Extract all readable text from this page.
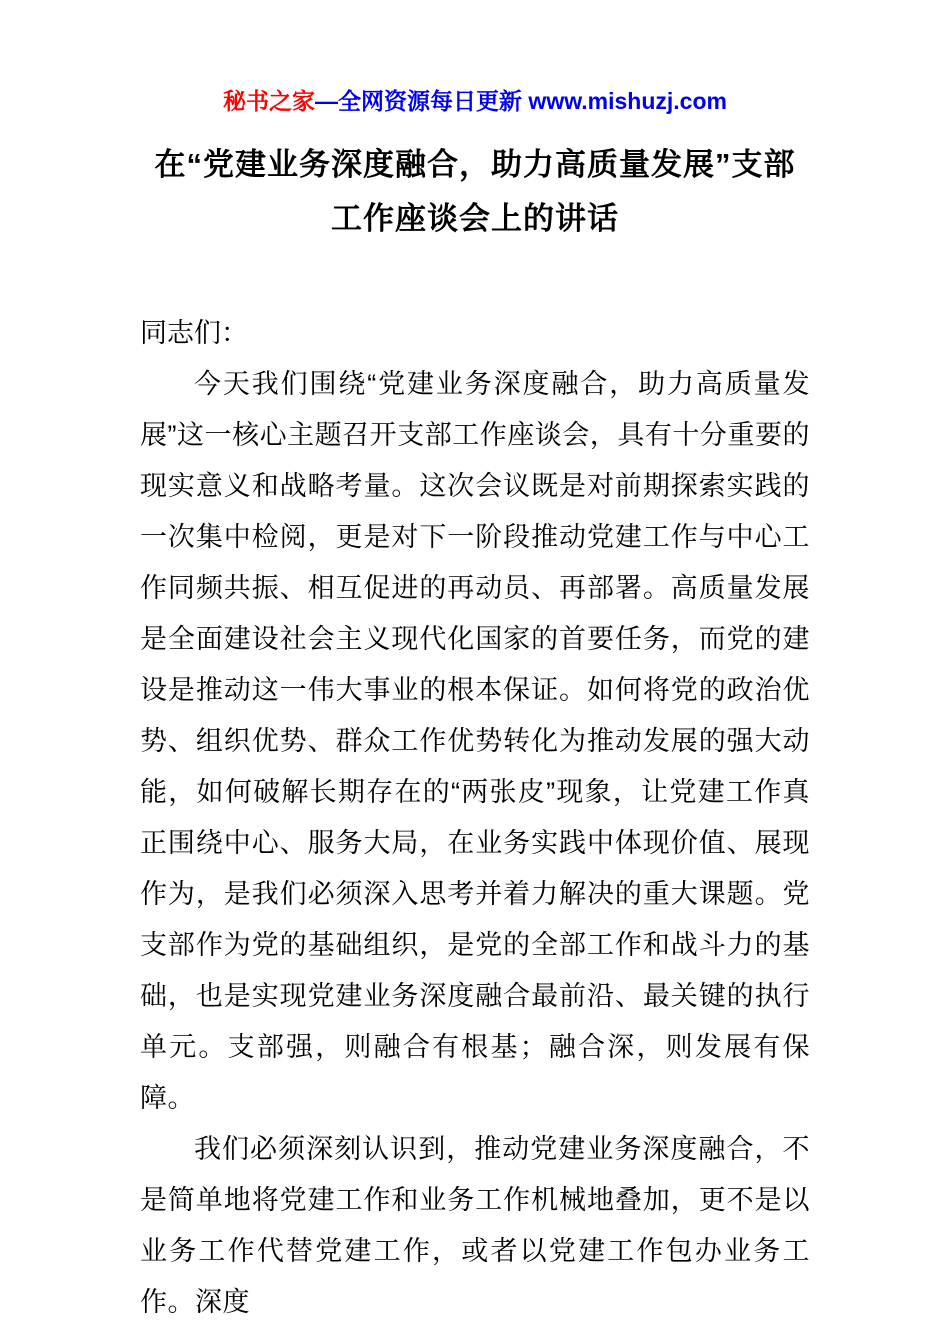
秘书之家—全网资源每日更新 www.mishuzj.com
在“党建业务深度融合，助力高质量发展”支部工作座谈会上的讲话

同志们：

今天我们围绕“党建业务深度融合，助力高质量发展”这一核心主题召开支部工作座谈会，具有十分重要的现实意义和战略考量。这次会议既是对前期探索实践的一次集中检阅，更是对下一阶段推动党建工作与中心工作同频共振、相互促进的再动员、再部署。高质量发展是全面建设社会主义现代化国家的首要任务，而党的建设是推动这一伟大事业的根本保证。如何将党的政治优势、组织优势、群众工作优势转化为推动发展的强大动能，如何破解长期存在的“两张皮”现象，让党建工作真正围绕中心、服务大局，在业务实践中体现价值、展现作为，是我们必须深入思考并着力解决的重大课题。党支部作为党的基础组织，是党的全部工作和战斗力的基础，也是实现党建业务深度融合最前沿、最关键的执行单元。支部强，则融合有根基；融合深，则发展有保障。

我们必须深刻认识到，推动党建业务深度融合，不是简单地将党建工作和业务工作机械地叠加，更不是以业务工作代替党建工作，或者以党建工作包办业务工作。深度
